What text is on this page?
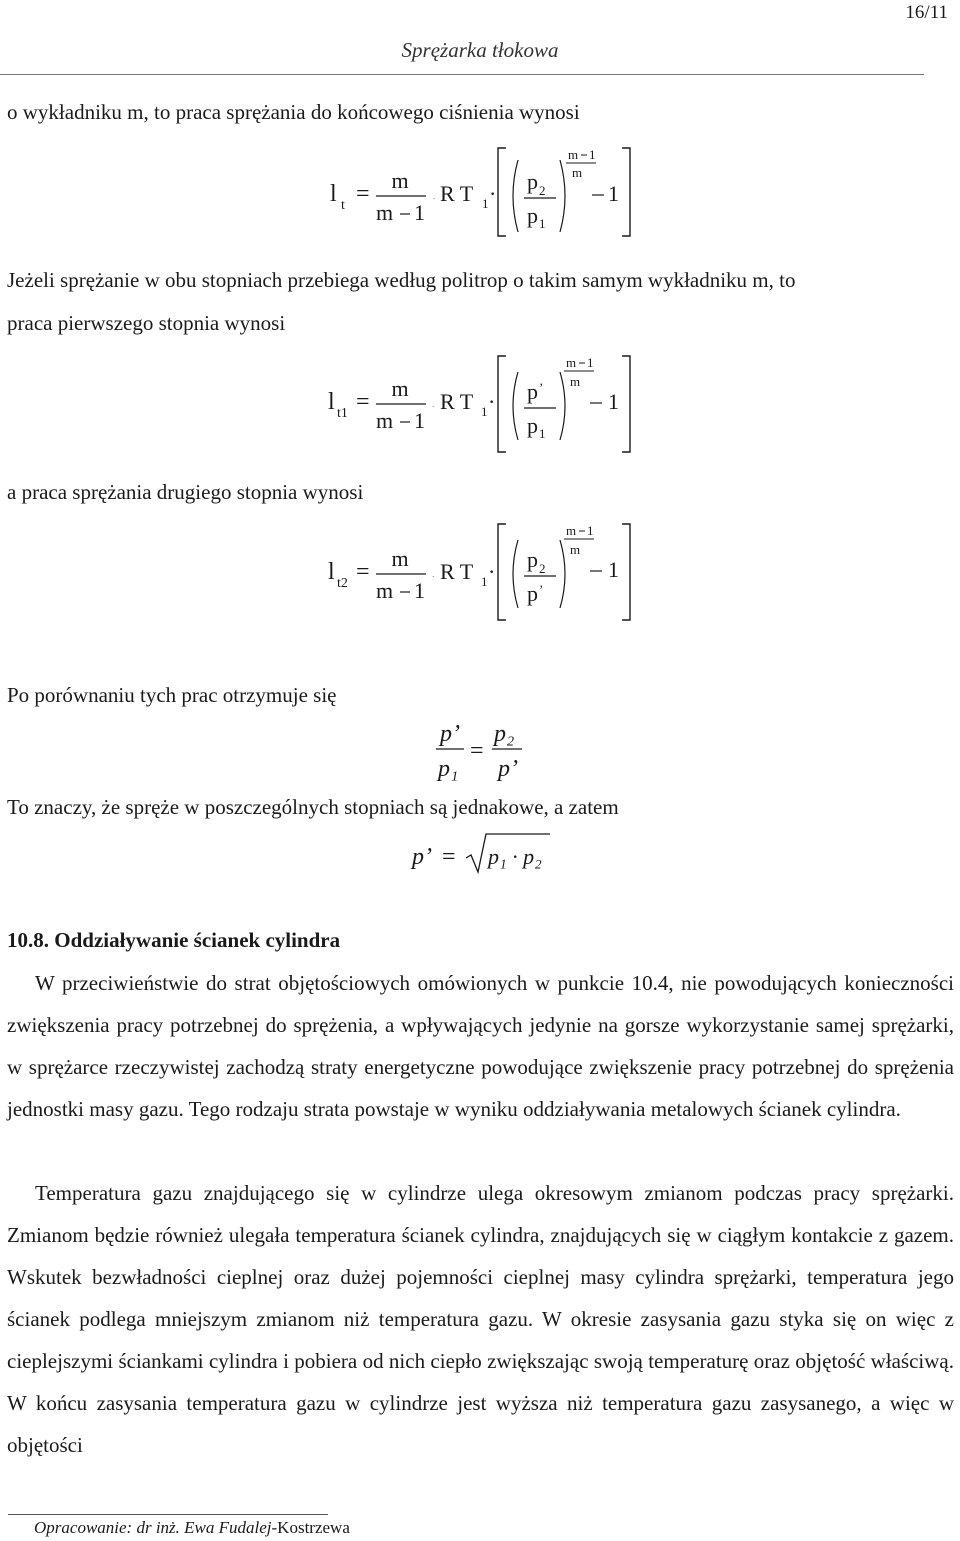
16/11
Sprężarka tłokowa
o wykładniku m, to praca sprężania do końcowego ciśnienia wynosi
l t =
m
m 1
· R T 1 · p 2
p 1
m 1
m
1
Jeżeli sprężanie w obu stopniach przebiega według politrop o takim samym wykładniku m, to
praca pierwszego stopnia wynosi
l t1 =
m
m 1
· R T 1 · p ’
p 1
m 1
m
1
a praca sprężania drugiego stopnia wynosi
l t2 =
m
m 1
· R T 1 · p 2
p ’
m 1
m
1
Po porównaniu tych prac otrzymuje się
p’
p₁
=
p₂
p’
To znaczy, że spręże w poszczególnych stopniach są jednakowe, a zatem
p’ = p₁ · p₂
10.8. Oddziaływanie ścianek cylindra
W przeciwieństwie do strat objętościowych omówionych w punkcie 10.4, nie powodujących konieczności zwiększenia pracy potrzebnej do sprężenia, a wpływających jedynie na gorsze wykorzystanie samej sprężarki, w sprężarce rzeczywistej zachodzą straty energetyczne powodujące zwiększenie pracy potrzebnej do sprężenia jednostki masy gazu. Tego rodzaju strata powstaje w wyniku oddziaływania metalowych ścianek cylindra.
Temperatura gazu znajdującego się w cylindrze ulega okresowym zmianom podczas pracy sprężarki. Zmianom będzie również ulegała temperatura ścianek cylindra, znajdujących się w ciągłym kontakcie z gazem. Wskutek bezwładności cieplnej oraz dużej pojemności cieplnej masy cylindra sprężarki, temperatura jego ścianek podlega mniejszym zmianom niż temperatura gazu. W okresie zasysania gazu styka się on więc z cieplejszymi ściankami cylindra i pobiera od nich ciepło zwiększając swoją temperaturę oraz objętość właściwą. W końcu zasysania temperatura gazu w cylindrze jest wyższa niż temperatura gazu zasysanego, a więc w objętości
Opracowanie: dr inż. Ewa Fudalej-Kostrzewa
